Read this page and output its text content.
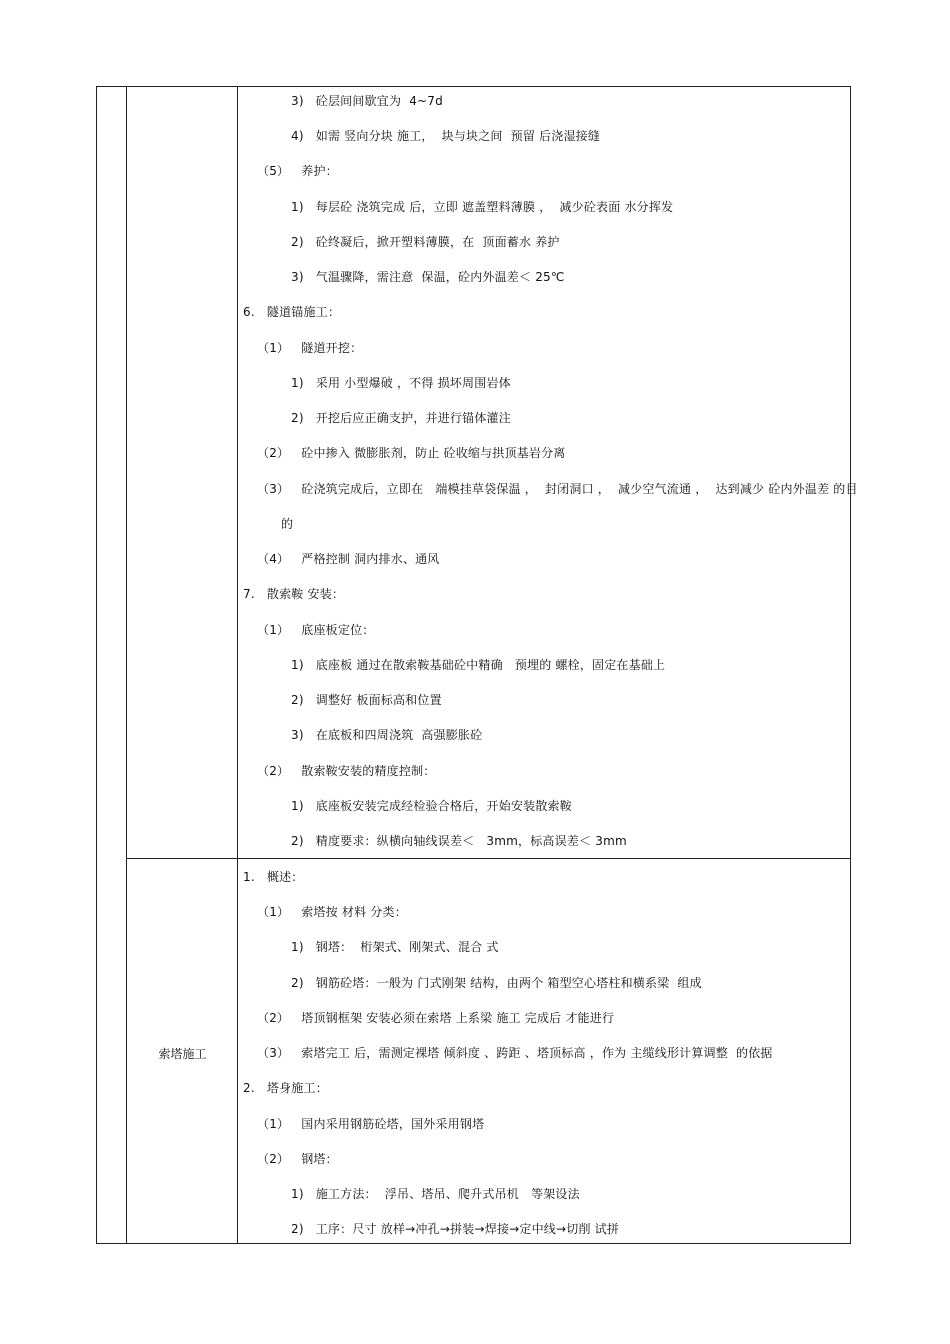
3)   砼层间间歇宜为  4~7d
4)   如需 竖向分块 施工，  块与块之间  预留 后浇湿接缝
（5）   养护：
1)   每层砼 浇筑完成 后，立即 遮盖塑料薄膜 ，  减少砼表面 水分挥发
2)   砼终凝后，掀开塑料薄膜，在  顶面蓄水 养护
3)   气温骤降，需注意  保温，砼内外温差＜ 25℃
6.   隧道锚施工：
（1）   隧道开挖：
1)   采用 小型爆破 ，不得 损坏周围岩体
2)   开挖后应正确支护，并进行锚体灌注
（2）   砼中掺入 微膨胀剂，防止 砼收缩与拱顶基岩分离
（3）   砼浇筑完成后，立即在   端模挂草袋保温 ，  封闭洞口 ，  减少空气流通 ，  达到减少 砼内外温差 的目
的
（4）   严格控制 洞内排水、通风
7.   散索鞍 安装：
（1）   底座板定位：
1)   底座板 通过在散索鞍基础砼中精确   预埋的 螺栓，固定在基础上
2)   调整好 板面标高和位置
3)   在底板和四周浇筑  高强膨胀砼
（2）   散索鞍安装的精度控制：
1)   底座板安装完成经检验合格后，开始安装散索鞍
2)   精度要求：纵横向轴线误差＜   3mm，标高误差＜ 3mm
索塔施工
1.   概述：
（1）   索塔按 材料 分类：
1)   钢塔：  桁架式、刚架式、混合 式
2)   钢筋砼塔：一般为 门式刚架 结构，由两个 箱型空心塔柱和横系梁  组成
（2）   塔顶钢框架 安装必须在索塔 上系梁 施工 完成后 才能进行
（3）   索塔完工 后，需测定裸塔 倾斜度 、跨距 、塔顶标高 ，作为 主缆线形计算调整  的依据
2.   塔身施工：
（1）   国内采用钢筋砼塔，国外采用钢塔
（2）   钢塔：
1)   施工方法：  浮吊、塔吊、爬升式吊机   等架设法
2)   工序：尺寸 放样→冲孔→拼装→焊接→定中线→切削 试拼
